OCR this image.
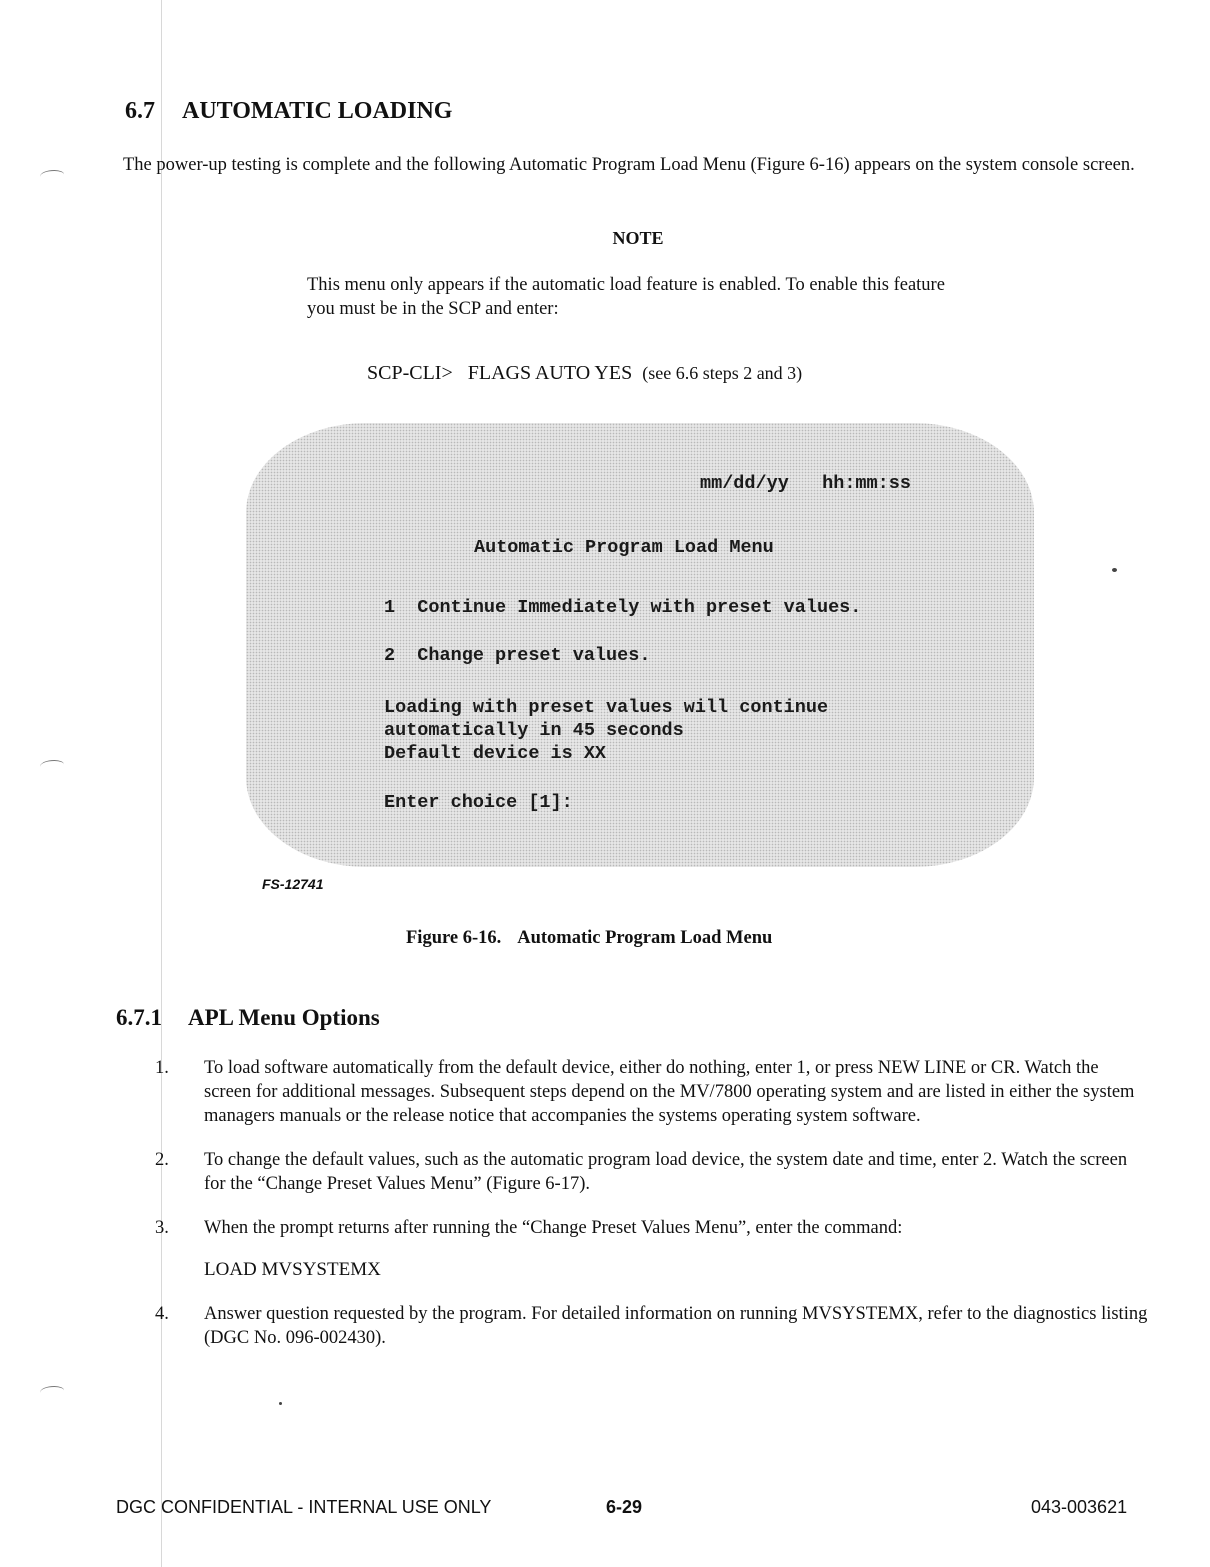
6.7 AUTOMATIC LOADING

The power-up testing is complete and the following Automatic Program Load Menu (Figure 6-16) appears on the system console screen.

NOTE

This menu only appears if the automatic load feature is enabled. To enable this feature you must be in the SCP and enter:

SCP-CLI>   FLAGS AUTO YES (see 6.6 steps 2 and 3)
mm/dd/yy   hh:mm:ss
Automatic Program Load Menu
1  Continue Immediately with preset values.
2  Change preset values.
Loading with preset values will continue
automatically in 45 seconds
Default device is XX
Enter choice [1]:
FS-12741
Figure 6-16. Automatic Program Load Menu
6.7.1 APL Menu Options
1. To load software automatically from the default device, either do nothing, enter 1, or press NEW LINE or CR. Watch the screen for additional messages. Subsequent steps depend on the MV/7800 operating system and are listed in either the system managers manuals or the release notice that accompanies the systems operating system software.
2. To change the default values, such as the automatic program load device, the system date and time, enter 2. Watch the screen for the “Change Preset Values Menu” (Figure 6-17).
3. When the prompt returns after running the “Change Preset Values Menu”, enter the command:
LOAD MVSYSTEMX
4. Answer question requested by the program. For detailed information on running MVSYSTEMX, refer to the diagnostics listing (DGC No. 096-002430).
DGC CONFIDENTIAL - INTERNAL USE ONLY	6-29	043-003621
